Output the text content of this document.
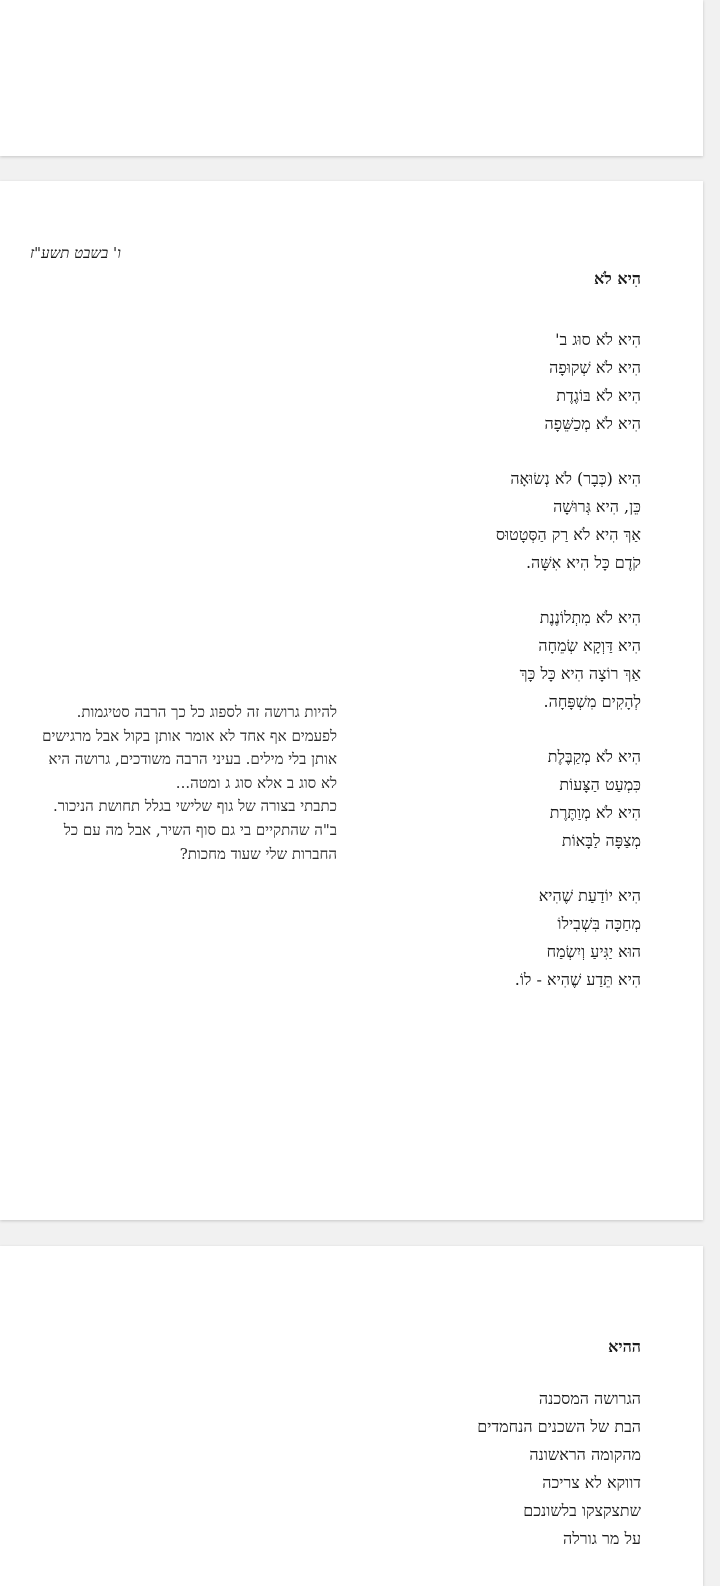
ו' בשבט תשע"ז
הִיא לֹא
הִיא לֹא סוּג ב'
הִיא לֹא שְׁקוּפָה
הִיא לֹא בּוֹגֶדֶת
הִיא לֹא מְכַשֵּׁפָה
הִיא (כְּבָר) לֹא נְשׂוּאָה
כֵּן, הִיא גְּרוּשָׁה
אַךְ הִיא לֹא רַק הַסְּטָטוּס
קֹדֶם כָּל הִיא אִשָּׁה.
הִיא לֹא מִתְלוֹנֶנֶת
הִיא דַּוְקָא שְׂמֵחָה
אַךְ רוֹצָה הִיא כָּל כָּךְ
לְהָקִים מִשְׁפָּחָה.
הִיא לֹא מְקַבֶּלֶת
כִּמְעַט הַצָּעוֹת
הִיא לֹא מְוַתֶּרֶת
מְצַפָּה לַבָּאוֹת
הִיא יוֹדַעַת שֶׁהִיא
מְחַכָּה בִּשְׁבִילוֹ
הוּא יַגִּיעַ וְיִשְׂמַח
הִיא תֵּדַע שֶׁהִיא - לוֹ.

להיות גרושה זה לספוג כל כך הרבה סטיגמות. לפעמים אף אחד לא אומר אותן בקול אבל מרגישים אותן בלי מילים. בעיני הרבה משודכים, גרושה היא לא סוג ב אלא סוג ג ומטה...

כתבתי בצורה של גוף שלישי בגלל תחושת הניכור.

ב"ה שהתקיים בי גם סוף השיר, אבל מה עם כל החברות שלי שעוד מחכות?

ההיא
הגרושה המסכנה
הבת של השכנים הנחמדים
מהקומה הראשונה
דווקא לא צריכה
שתצקצקו בלשונכם
על מר גורלה
